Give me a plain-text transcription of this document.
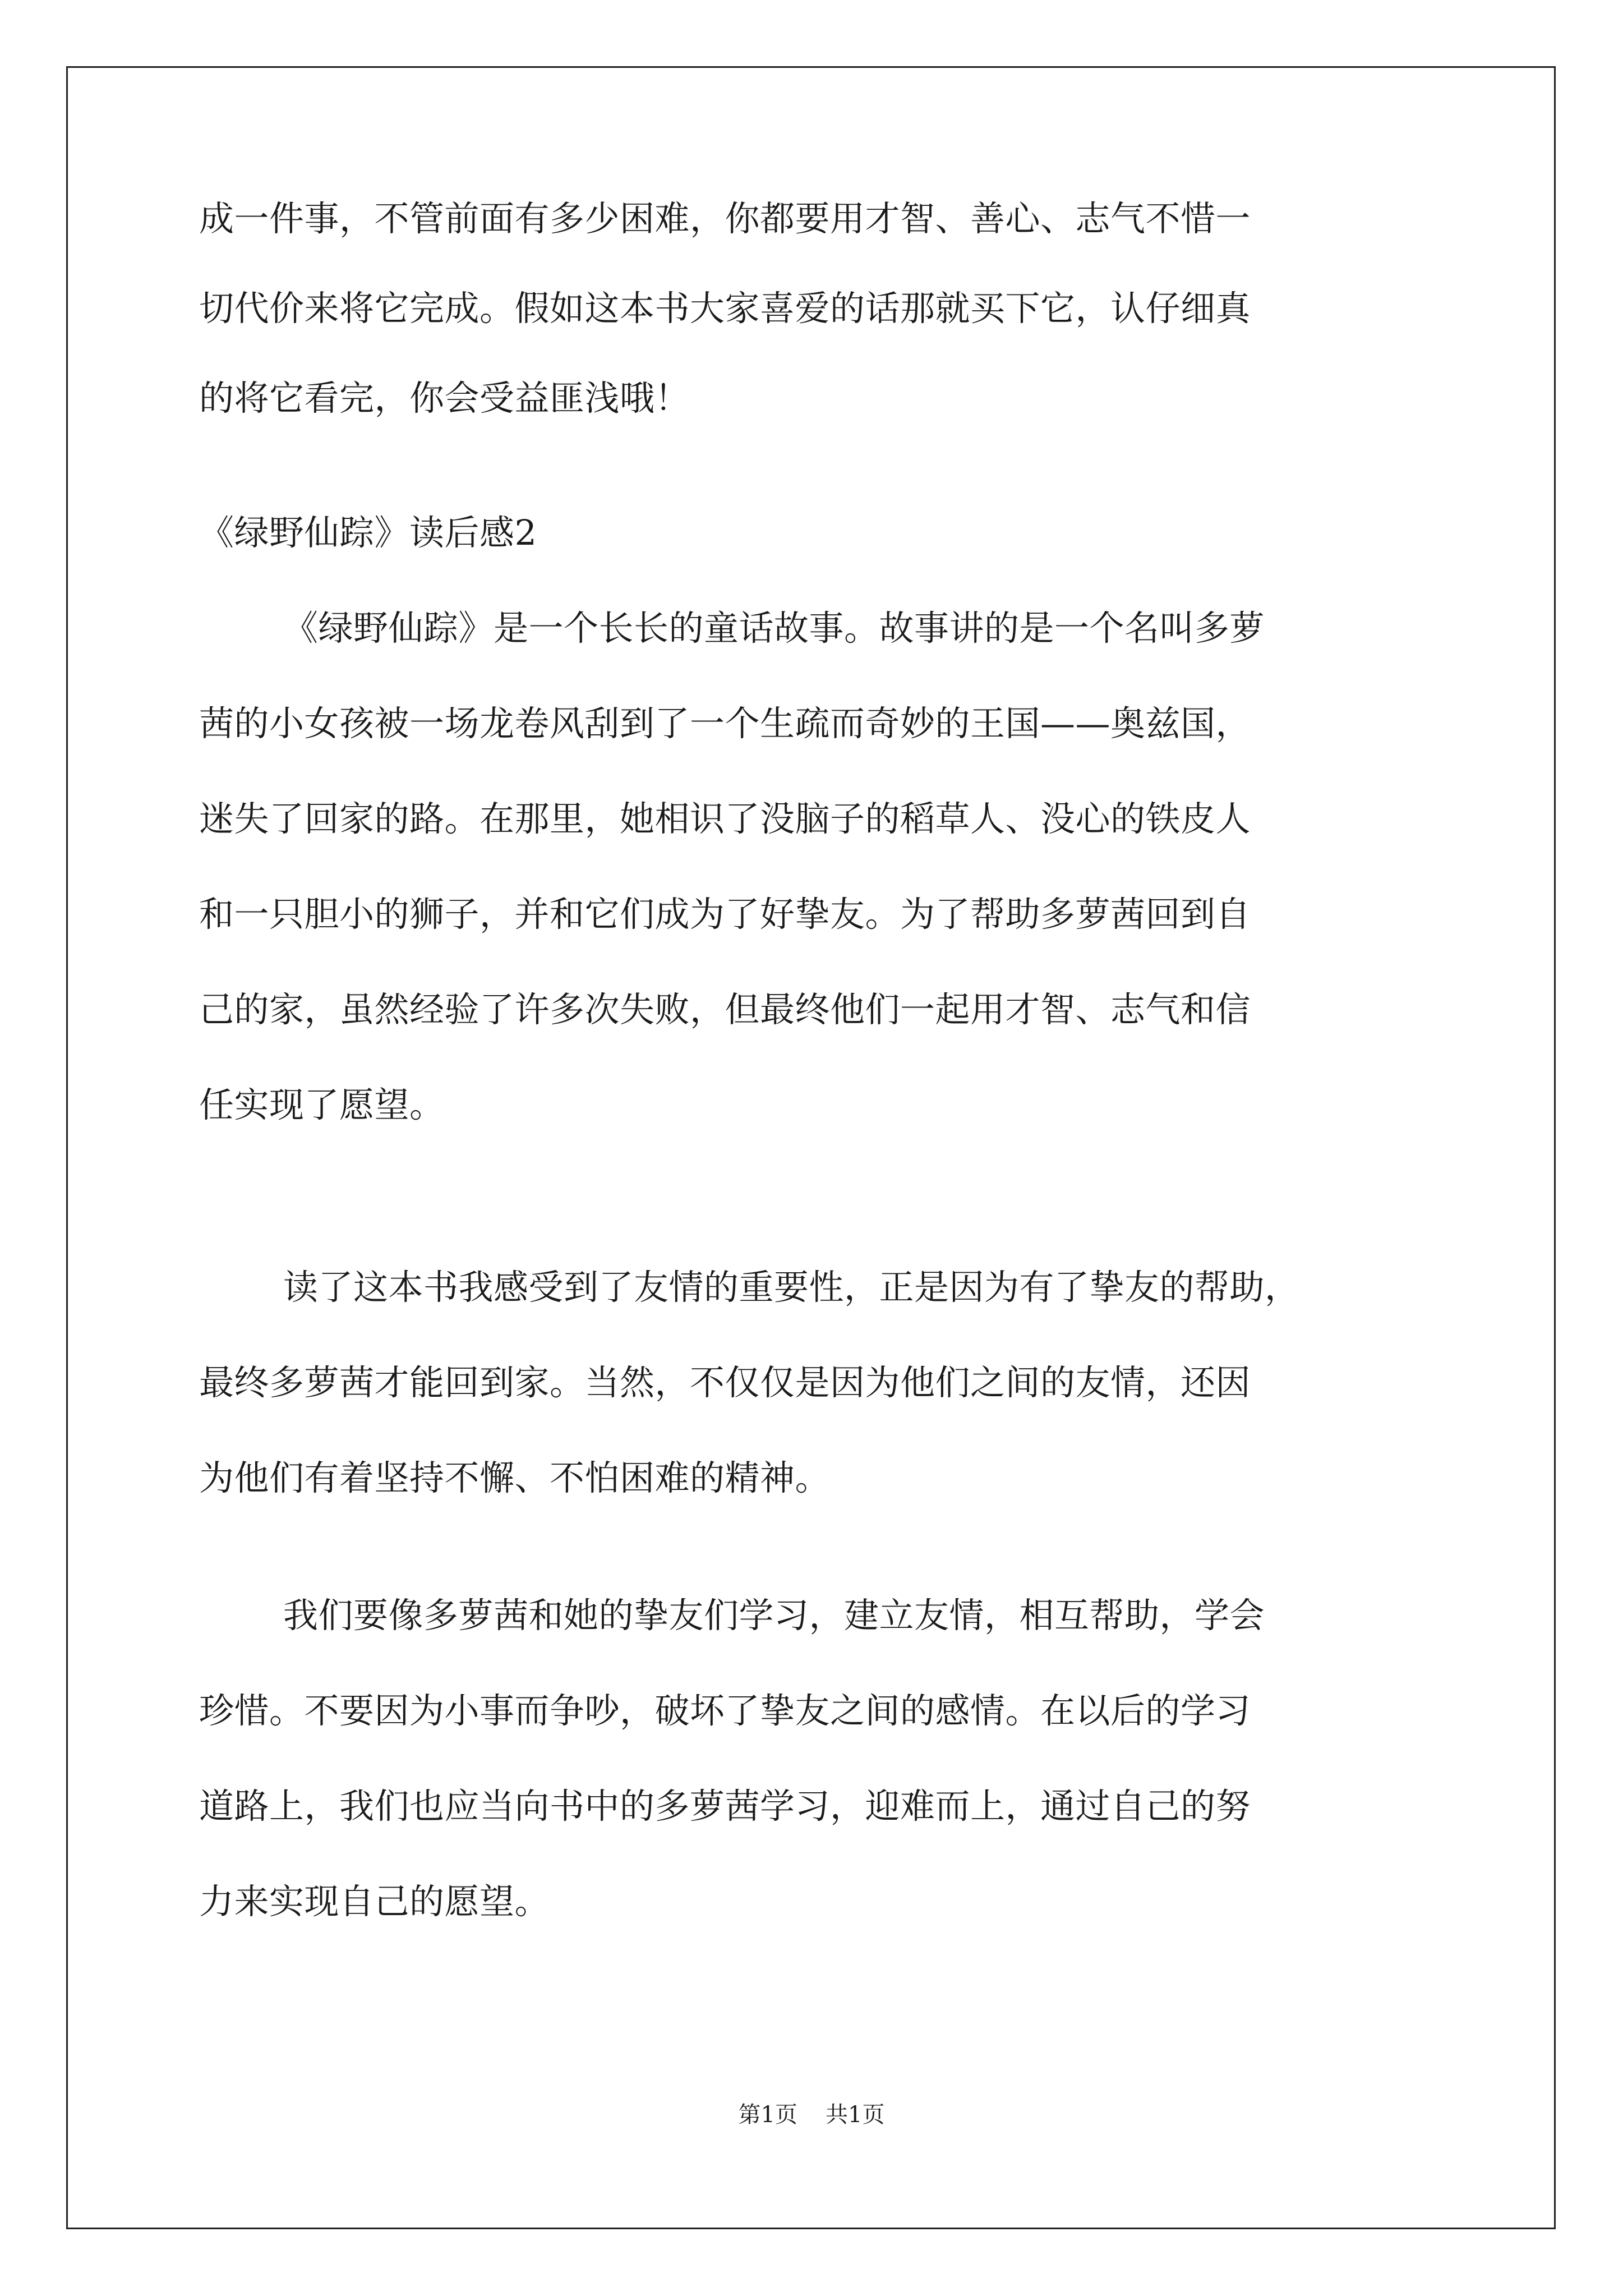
成一件事，不管前面有多少困难，你都要用才智、善心、志气不惜一
切代价来将它完成。假如这本书大家喜爱的话那就买下它，认仔细真
的将它看完，你会受益匪浅哦！
《绿野仙踪》读后感2
《绿野仙踪》是一个长长的童话故事。故事讲的是一个名叫多萝
茜的小女孩被一场龙卷风刮到了一个生疏而奇妙的王国——奥兹国，
迷失了回家的路。在那里，她相识了没脑子的稻草人、没心的铁皮人
和一只胆小的狮子，并和它们成为了好挚友。为了帮助多萝茜回到自
己的家，虽然经验了许多次失败，但最终他们一起用才智、志气和信
任实现了愿望。
读了这本书我感受到了友情的重要性，正是因为有了挚友的帮助，
最终多萝茜才能回到家。当然，不仅仅是因为他们之间的友情，还因
为他们有着坚持不懈、不怕困难的精神。
我们要像多萝茜和她的挚友们学习，建立友情，相互帮助，学会
珍惜。不要因为小事而争吵，破坏了挚友之间的感情。在以后的学习
道路上，我们也应当向书中的多萝茜学习，迎难而上，通过自己的努
力来实现自己的愿望。
第1页 共1页
